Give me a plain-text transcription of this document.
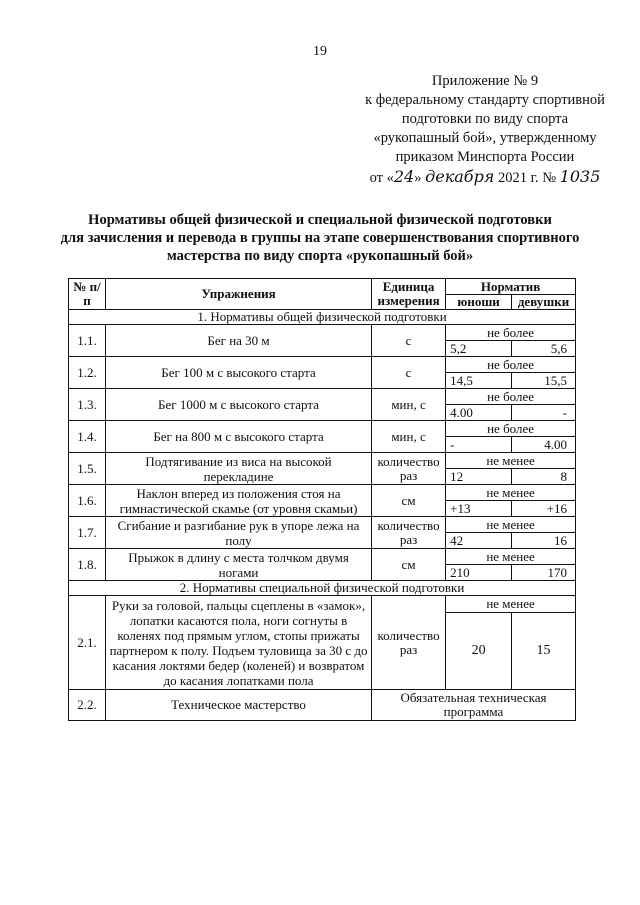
19
Приложение № 9
к федеральному стандарту спортивной
подготовки по виду спорта
«рукопашный бой», утвержденному
приказом Минспорта России
от «24» декабря 2021 г. № 1035
Нормативы общей физической и специальной физической подготовки
для зачисления и перевода в группы на этапе совершенствования спортивного
мастерства по виду спорта «рукопашный бой»
№ п/п	Упражнения	Единица измерения	Норматив	
			юноши	девушки
1. Нормативы общей физической подготовки				
1.1.	Бег на 30 м	с	не более	
			5,2	5,6
1.2.	Бег 100 м с высокого старта	с	не более	
			14,5	15,5
1.3.	Бег 1000 м с высокого старта	мин, с	не более	
			4.00	-
1.4.	Бег на 800 м с высокого старта	мин, с	не более	
			-	4.00
1.5.	Подтягивание из виса на высокой перекладине	количество раз	не менее	
			12	8
1.6.	Наклон вперед из положения стоя на гимнастической скамье (от уровня скамьи)	см	не менее	
			+13	+16
1.7.	Сгибание и разгибание рук в упоре лежа на полу	количество раз	не менее	
			42	16
1.8.	Прыжок в длину с места толчком двумя ногами	см	не менее	
			210	170
2. Нормативы специальной физической подготовки				
2.1.	Руки за головой, пальцы сцеплены в «замок», лопатки касаются пола, ноги согнуты в коленях под прямым углом, стопы прижаты партнером к полу. Подъем туловища за 30 с до касания локтями бедер (коленей) и возвратом до касания лопатками пола	количество раз	не менее	
			20	15
2.2.	Техническое мастерство	Обязательная техническая программа		
